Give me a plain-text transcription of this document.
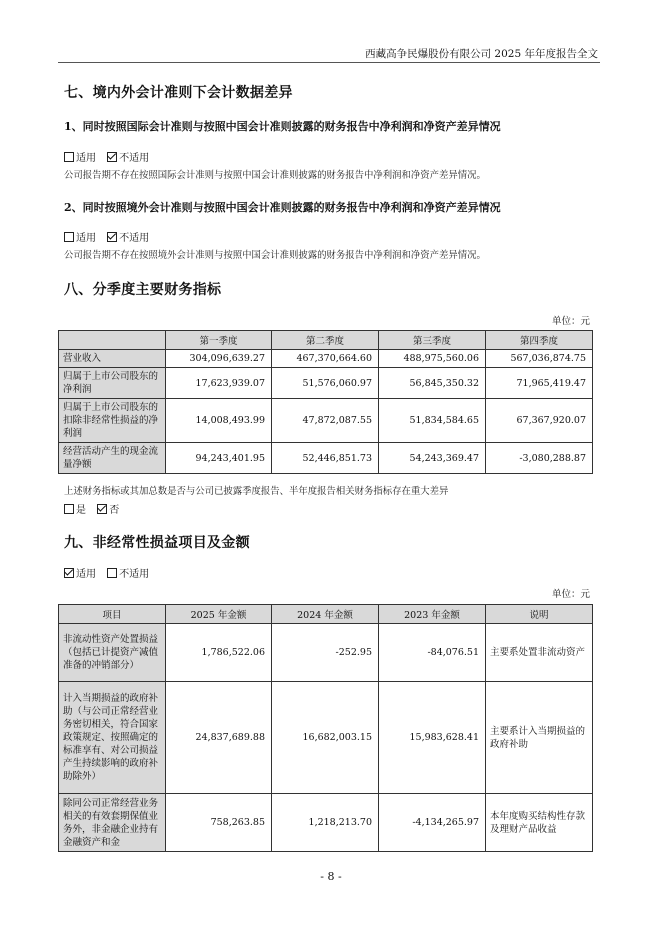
西藏高争民爆股份有限公司 2025 年年度报告全文
七、境内外会计准则下会计数据差异
1、同时按照国际会计准则与按照中国会计准则披露的财务报告中净利润和净资产差异情况
适用 不适用
公司报告期不存在按照国际会计准则与按照中国会计准则披露的财务报告中净利润和净资产差异情况。
2、同时按照境外会计准则与按照中国会计准则披露的财务报告中净利润和净资产差异情况
适用 不适用
公司报告期不存在按照境外会计准则与按照中国会计准则披露的财务报告中净利润和净资产差异情况。
八、分季度主要财务指标
单位：元
	第一季度	第二季度	第三季度	第四季度
营业收入	304,096,639.27	467,370,664.60	488,975,560.06	567,036,874.75
归属于上市公司股东的净利润	17,623,939.07	51,576,060.97	56,845,350.32	71,965,419.47
归属于上市公司股东的扣除非经常性损益的净利润	14,008,493.99	47,872,087.55	51,834,584.65	67,367,920.07
经营活动产生的现金流量净额	94,243,401.95	52,446,851.73	54,243,369.47	-3,080,288.87
上述财务指标或其加总数是否与公司已披露季度报告、半年度报告相关财务指标存在重大差异
是 否
九、非经常性损益项目及金额
适用 不适用
单位：元
项目	2025 年金额	2024 年金额	2023 年金额	说明
非流动性资产处置损益（包括已计提资产减值准备的冲销部分）	1,786,522.06	-252.95	-84,076.51	主要系处置非流动资产
计入当期损益的政府补助（与公司正常经营业务密切相关，符合国家政策规定、按照确定的标准享有、对公司损益产生持续影响的政府补助除外）	24,837,689.88	16,682,003.15	15,983,628.41	主要系计入当期损益的政府补助
除同公司正常经营业务相关的有效套期保值业务外，非金融企业持有金融资产和金	758,263.85	1,218,213.70	-4,134,265.97	本年度购买结构性存款及理财产品收益
- 8 -
